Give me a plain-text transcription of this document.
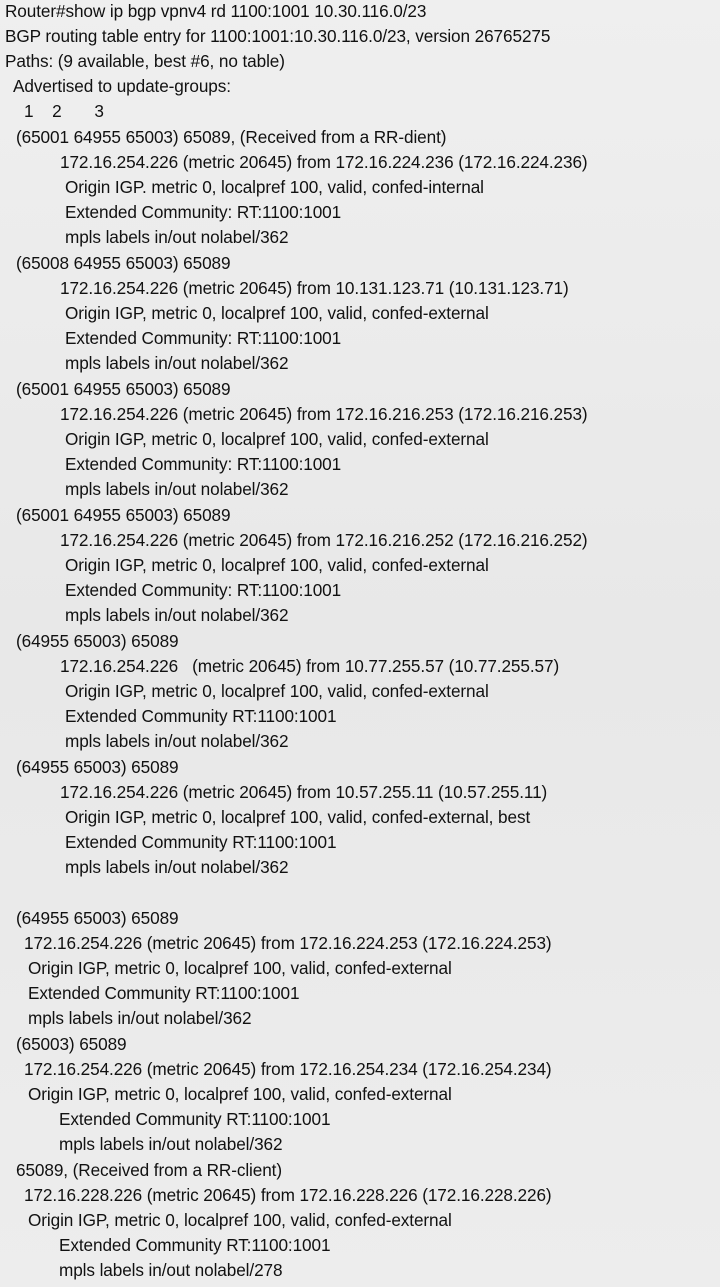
Router#show ip bgp vpnv4 rd 1100:1001 10.30.116.0/23
BGP routing table entry for 1100:1001:10.30.116.0/23, version 26765275
Paths: (9 available, best #6, no table)
Advertised to update-groups:
1    2       3
(65001 64955 65003) 65089, (Received from a RR-dient)
172.16.254.226 (metric 20645) from 172.16.224.236 (172.16.224.236)
Origin IGP. metric 0, localpref 100, valid, confed-internal
Extended Community: RT:1100:1001
mpls labels in/out nolabel/362
(65008 64955 65003) 65089
172.16.254.226 (metric 20645) from 10.131.123.71 (10.131.123.71)
Origin IGP, metric 0, localpref 100, valid, confed-external
Extended Community: RT:1100:1001
mpls labels in/out nolabel/362
(65001 64955 65003) 65089
172.16.254.226 (metric 20645) from 172.16.216.253 (172.16.216.253)
Origin IGP, metric 0, localpref 100, valid, confed-external
Extended Community: RT:1100:1001
mpls labels in/out nolabel/362
(65001 64955 65003) 65089
172.16.254.226 (metric 20645) from 172.16.216.252 (172.16.216.252)
Origin IGP, metric 0, localpref 100, valid, confed-external
Extended Community: RT:1100:1001
mpls labels in/out nolabel/362
(64955 65003) 65089
172.16.254.226   (metric 20645) from 10.77.255.57 (10.77.255.57)
Origin IGP, metric 0, localpref 100, valid, confed-external
Extended Community RT:1100:1001
mpls labels in/out nolabel/362
(64955 65003) 65089
172.16.254.226 (metric 20645) from 10.57.255.11 (10.57.255.11)
Origin IGP, metric 0, localpref 100, valid, confed-external, best
Extended Community RT:1100:1001
mpls labels in/out nolabel/362
(64955 65003) 65089
172.16.254.226 (metric 20645) from 172.16.224.253 (172.16.224.253)
Origin IGP, metric 0, localpref 100, valid, confed-external
Extended Community RT:1100:1001
mpls labels in/out nolabel/362
(65003) 65089
172.16.254.226 (metric 20645) from 172.16.254.234 (172.16.254.234)
Origin IGP, metric 0, localpref 100, valid, confed-external
Extended Community RT:1100:1001
mpls labels in/out nolabel/362
65089, (Received from a RR-client)
172.16.228.226 (metric 20645) from 172.16.228.226 (172.16.228.226)
Origin IGP, metric 0, localpref 100, valid, confed-external
Extended Community RT:1100:1001
mpls labels in/out nolabel/278
